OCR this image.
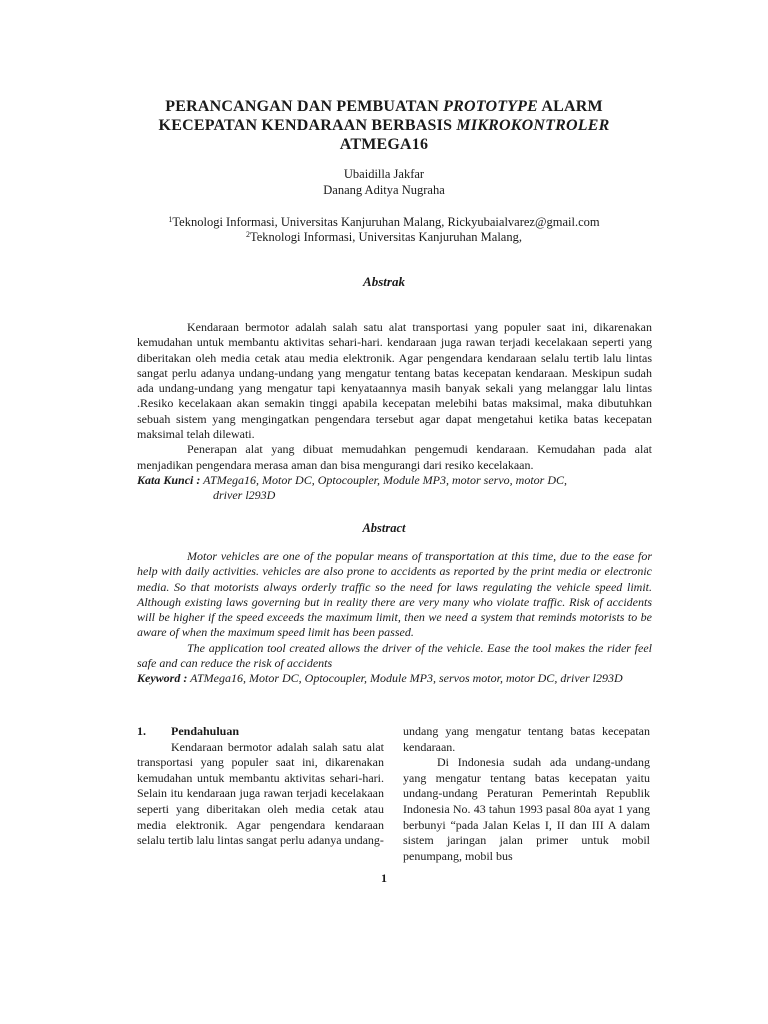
PERANCANGAN DAN PEMBUATAN PROTOTYPE ALARM
KECEPATAN KENDARAAN BERBASIS MIKROKONTROLER
ATMEGA16
Ubaidilla Jakfar
Danang Aditya Nugraha
$^1$Teknologi Informasi, Universitas Kanjuruhan Malang, Rickyubaialvarez@gmail.com
$^2$Teknologi Informasi, Universitas Kanjuruhan Malang,
Abstrak

Kendaraan bermotor adalah salah satu alat transportasi yang populer saat ini, dikarenakan kemudahan untuk membantu aktivitas sehari-hari. kendaraan juga rawan terjadi kecelakaan seperti yang diberitakan oleh media cetak atau media elektronik. Agar pengendara kendaraan selalu tertib lalu lintas sangat perlu adanya undang-undang yang mengatur tentang batas kecepatan kendaraan. Meskipun sudah ada undang-undang yang mengatur tapi kenyataannya masih banyak sekali yang melanggar lalu lintas .Resiko kecelakaan akan semakin tinggi apabila kecepatan melebihi batas maksimal, maka dibutuhkan sebuah sistem yang mengingatkan pengendara tersebut agar dapat mengetahui ketika batas kecepatan maksimal telah dilewati.

Penerapan alat yang dibuat memudahkan pengemudi kendaraan. Kemudahan pada alat menjadikan pengendara merasa aman dan bisa mengurangi dari resiko kecelakaan.

Kata Kunci : ATMega16, Motor DC, Optocoupler, Module MP3, motor servo, motor DC,
driver l293D
Abstract

Motor vehicles are one of the popular means of transportation at this time, due to the ease for help with daily activities. vehicles are also prone to accidents as reported by the print media or electronic media. So that motorists always orderly traffic so the need for laws regulating the vehicle speed limit. Although existing laws governing but in reality there are very many who violate traffic. Risk of accidents will be higher if the speed exceeds the maximum limit, then we need a system that reminds motorists to be aware of when the maximum speed limit has been passed.

The application tool created allows the driver of the vehicle. Ease the tool makes the rider feel safe and can reduce the risk of accidents

Keyword : ATMega16, Motor DC, Optocoupler, Module MP3, servos motor, motor DC, driver l293D
1. Pendahuluan

Kendaraan bermotor adalah salah satu alat transportasi yang populer saat ini, dikarenakan kemudahan untuk membantu aktivitas sehari-hari. Selain itu kendaraan juga rawan terjadi kecelakaan seperti yang diberitakan oleh media cetak atau media elektronik. Agar pengendara kendaraan selalu tertib lalu lintas sangat perlu adanya undang-

undang yang mengatur tentang batas kecepatan kendaraan.

Di Indonesia sudah ada undang-undang yang mengatur tentang batas kecepatan yaitu undang-undang Peraturan Pemerintah Republik Indonesia No. 43 tahun 1993 pasal 80a ayat 1 yang berbunyi “pada Jalan Kelas I, II dan III A dalam sistem jaringan jalan primer untuk mobil penumpang, mobil bus

1
